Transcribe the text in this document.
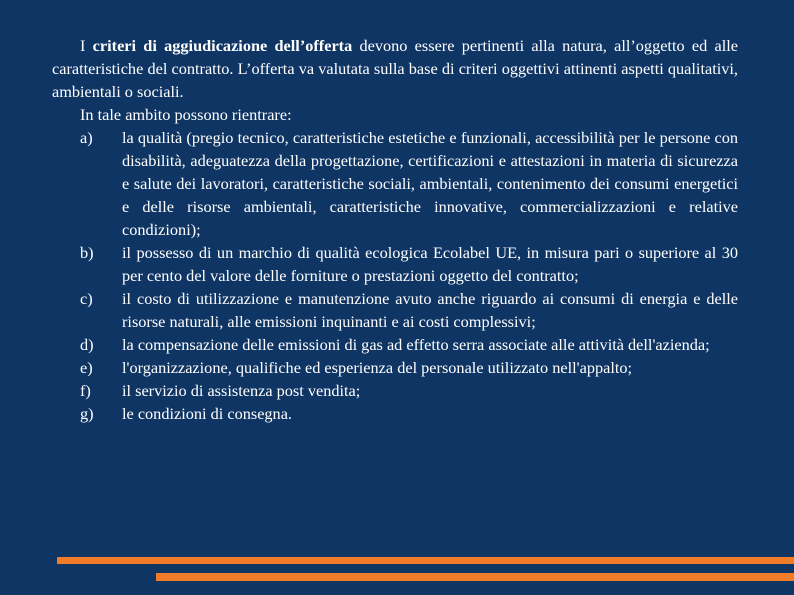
I criteri di aggiudicazione dell’offerta devono essere pertinenti alla natura, all’oggetto ed alle caratteristiche del contratto. L’offerta va valutata sulla base di criteri oggettivi attinenti aspetti qualitativi, ambientali o sociali.

In tale ambito possono rientrare:

a)	la qualità (pregio tecnico, caratteristiche estetiche e funzionali, accessibilità per le persone con disabilità, adeguatezza della progettazione, certificazioni e attestazioni in materia di sicurezza e salute dei lavoratori, caratteristiche sociali, ambientali, contenimento dei consumi energetici e delle risorse ambientali, caratteristiche innovative, commercializzazioni e relative condizioni);
b)	il possesso di un marchio di qualità ecologica Ecolabel UE, in misura pari o superiore al 30 per cento del valore delle forniture o prestazioni oggetto del contratto;
c)	il costo di utilizzazione e manutenzione avuto anche riguardo ai consumi di energia e delle risorse naturali, alle emissioni inquinanti e ai costi complessivi;
d)	la compensazione delle emissioni di gas ad effetto serra associate alle attività dell'azienda;
e)	l'organizzazione, qualifiche ed esperienza del personale utilizzato nell'appalto;
f)	il servizio di assistenza post vendita;
g)	le condizioni di consegna.
